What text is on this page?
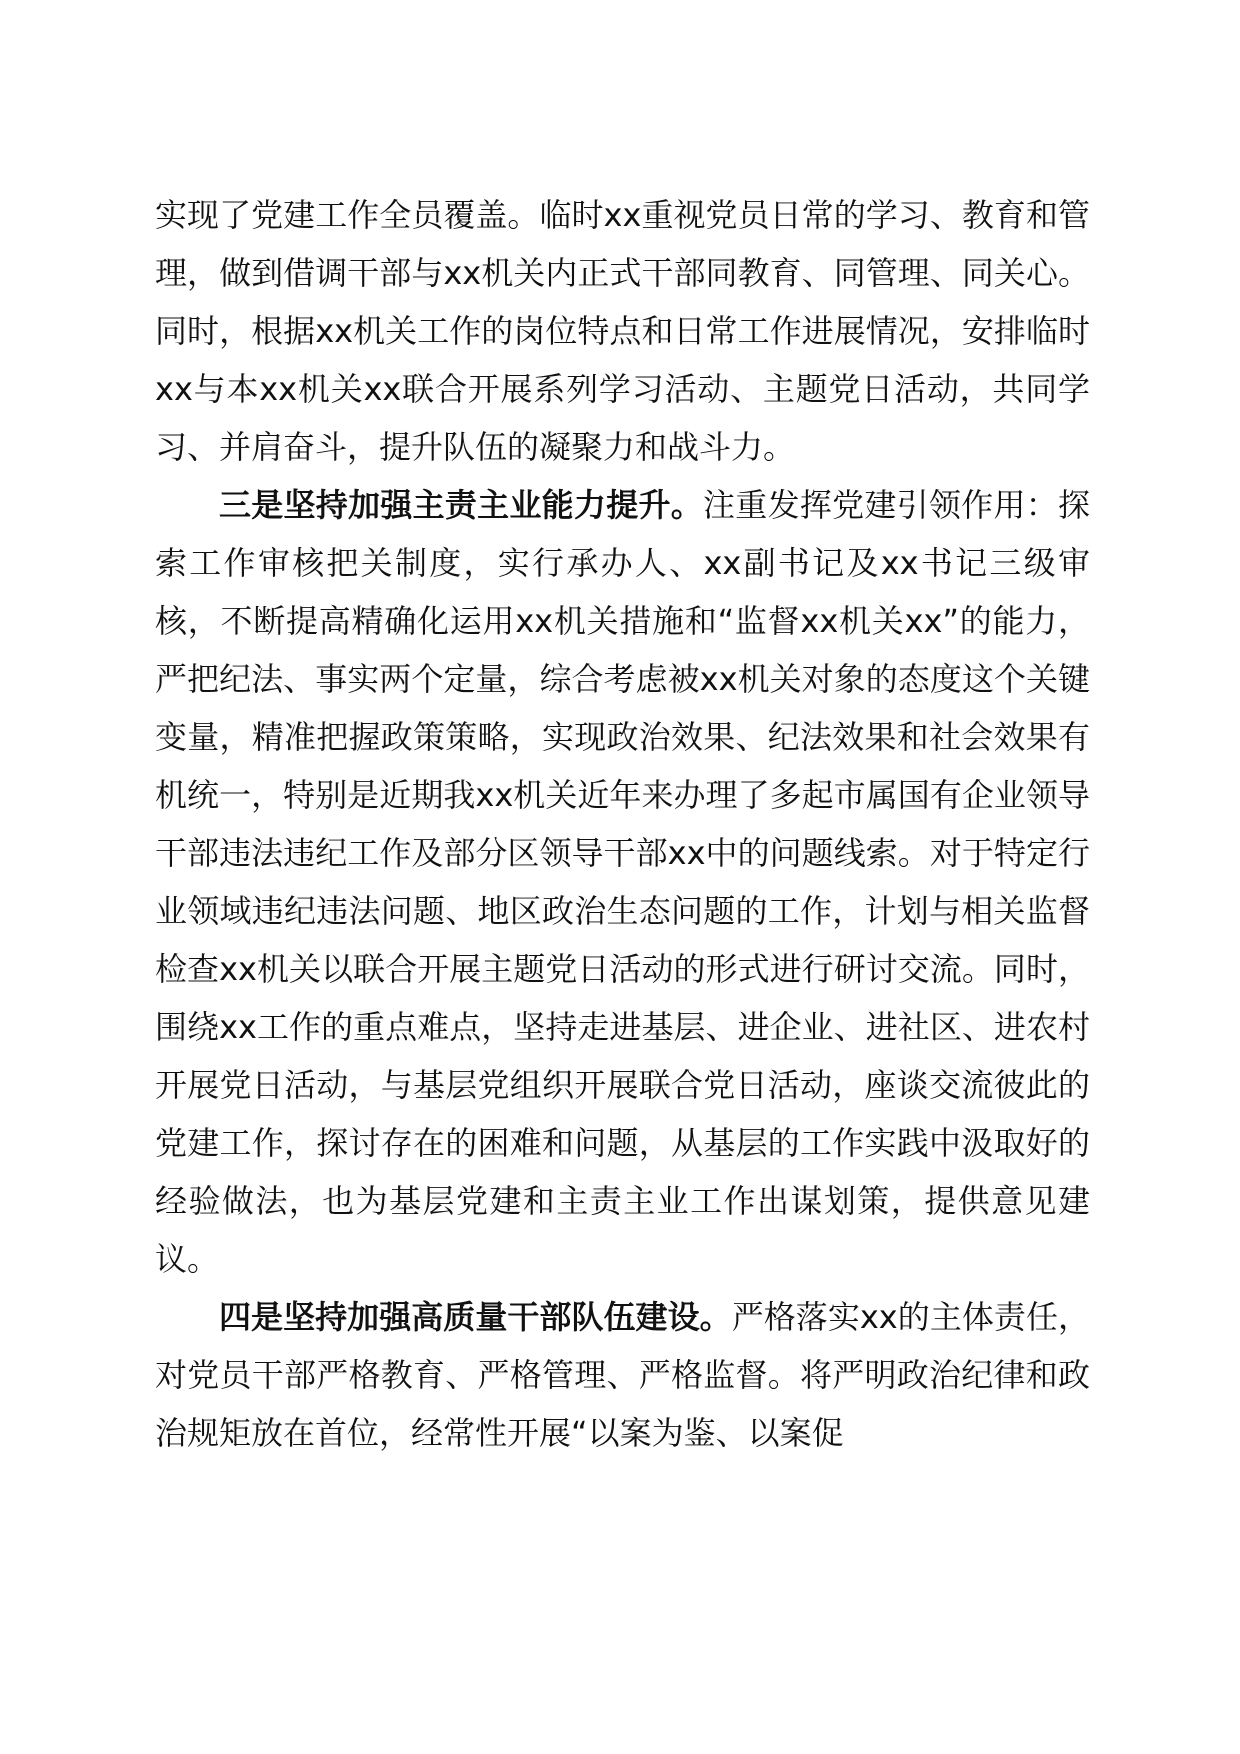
实现了党建工作全员覆盖。临时xx重视党员日常的学习、教育和管理，做到借调干部与xx机关内正式干部同教育、同管理、同关心。同时，根据xx机关工作的岗位特点和日常工作进展情况，安排临时xx与本xx机关xx联合开展系列学习活动、主题党日活动，共同学习、并肩奋斗，提升队伍的凝聚力和战斗力。

三是坚持加强主责主业能力提升。注重发挥党建引领作用：探索工作审核把关制度，实行承办人、xx副书记及xx书记三级审核，不断提高精确化运用xx机关措施和“监督xx机关xx”的能力，严把纪法、事实两个定量，综合考虑被xx机关对象的态度这个关键变量，精准把握政策策略，实现政治效果、纪法效果和社会效果有机统一，特别是近期我xx机关近年来办理了多起市属国有企业领导干部违法违纪工作及部分区领导干部xx中的问题线索。对于特定行业领域违纪违法问题、地区政治生态问题的工作，计划与相关监督检查xx机关以联合开展主题党日活动的形式进行研讨交流。同时，围绕xx工作的重点难点，坚持走进基层、进企业、进社区、进农村开展党日活动，与基层党组织开展联合党日活动，座谈交流彼此的党建工作，探讨存在的困难和问题，从基层的工作实践中汲取好的经验做法，也为基层党建和主责主业工作出谋划策，提供意见建议。

四是坚持加强高质量干部队伍建设。严格落实xx的主体责任，对党员干部严格教育、严格管理、严格监督。将严明政治纪律和政治规矩放在首位，经常性开展“以案为鉴、以案促
